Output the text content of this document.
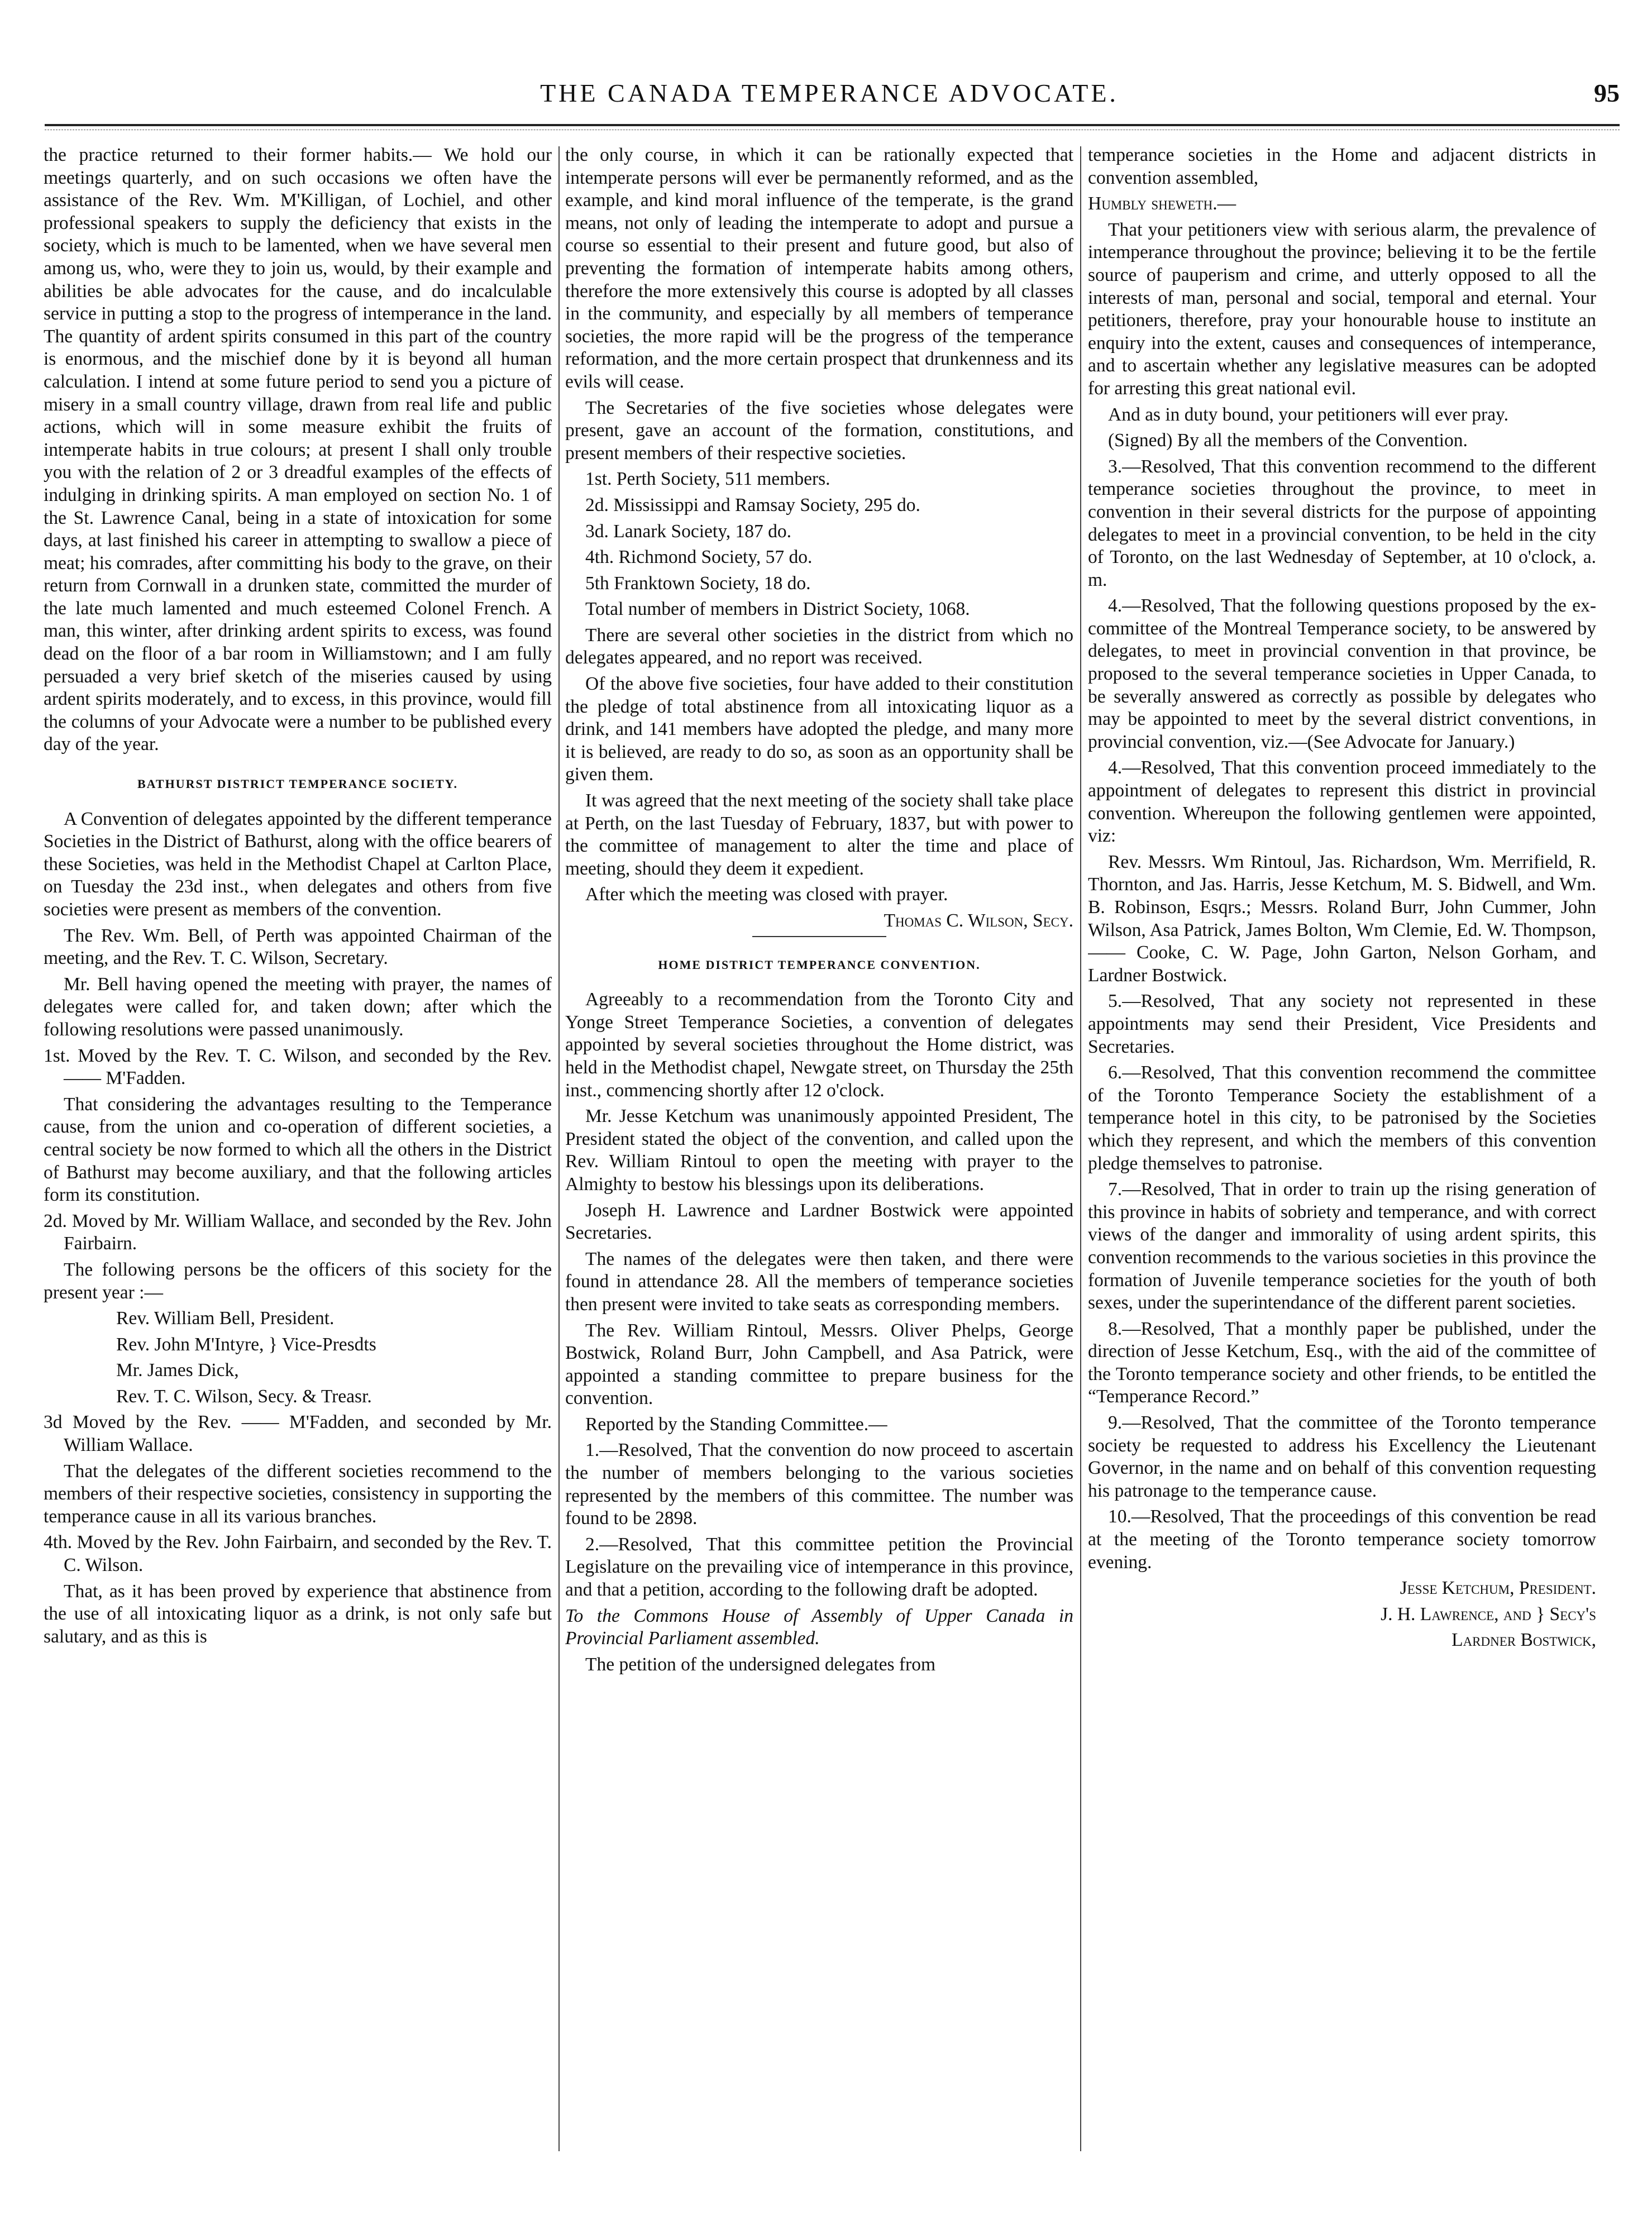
THE CANADA TEMPERANCE ADVOCATE.	95

the practice returned to their former habits.— We hold our meetings quarterly, and on such occasions we often have the assistance of the Rev. Wm. M'Killigan, of Lochiel, and other professional speakers to supply the deficiency that exists in the society, which is much to be lamented, when we have several men among us, who, were they to join us, would, by their example and abilities be able advocates for the cause, and do incalculable service in putting a stop to the progress of intemperance in the land. The quantity of ardent spirits consumed in this part of the country is enormous, and the mischief done by it is beyond all human calculation. I intend at some future period to send you a picture of misery in a small country village, drawn from real life and public actions, which will in some measure exhibit the fruits of intemperate habits in true colours; at present I shall only trouble you with the relation of 2 or 3 dreadful examples of the effects of indulging in drinking spirits. A man employed on section No. 1 of the St. Lawrence Canal, being in a state of intoxication for some days, at last finished his career in attempting to swallow a piece of meat; his comrades, after committing his body to the grave, on their return from Cornwall in a drunken state, committed the murder of the late much lamented and much esteemed Colonel French. A man, this winter, after drinking ardent spirits to excess, was found dead on the floor of a bar room in Williamstown; and I am fully persuaded a very brief sketch of the miseries caused by using ardent spirits moderately, and to excess, in this province, would fill the columns of your Advocate were a number to be published every day of the year.

BATHURST DISTRICT TEMPERANCE SOCIETY.

A Convention of delegates appointed by the different temperance Societies in the District of Bathurst, along with the office bearers of these Societies, was held in the Methodist Chapel at Carlton Place, on Tuesday the 23d inst., when delegates and others from five societies were present as members of the convention.

The Rev. Wm. Bell, of Perth was appointed Chairman of the meeting, and the Rev. T. C. Wilson, Secretary.

Mr. Bell having opened the meeting with prayer, the names of delegates were called for, and taken down; after which the following resolutions were passed unanimously.

1st. Moved by the Rev. T. C. Wilson, and seconded by the Rev. —— M'Fadden.

That considering the advantages resulting to the Temperance cause, from the union and co-operation of different societies, a central society be now formed to which all the others in the District of Bathurst may become auxiliary, and that the following articles form its constitution.

2d. Moved by Mr. William Wallace, and seconded by the Rev. John Fairbairn.

The following persons be the officers of this society for the present year :—

Rev. William Bell, President.

Rev. John M'Intyre, } Vice-Presdts

Mr. James Dick,

Rev. T. C. Wilson, Secy. & Treasr.

3d Moved by the Rev. —— M'Fadden, and seconded by Mr. William Wallace.

That the delegates of the different societies recommend to the members of their respective societies, consistency in supporting the temperance cause in all its various branches.

4th. Moved by the Rev. John Fairbairn, and seconded by the Rev. T. C. Wilson.

That, as it has been proved by experience that abstinence from the use of all intoxicating liquor as a drink, is not only safe but salutary, and as this is

the only course, in which it can be rationally expected that intemperate persons will ever be permanently reformed, and as the example, and kind moral influence of the temperate, is the grand means, not only of leading the intemperate to adopt and pursue a course so essential to their present and future good, but also of preventing the formation of intemperate habits among others, therefore the more extensively this course is adopted by all classes in the community, and especially by all members of temperance societies, the more rapid will be the progress of the temperance reformation, and the more certain prospect that drunkenness and its evils will cease.

The Secretaries of the five societies whose delegates were present, gave an account of the formation, constitutions, and present members of their respective societies.

1st. Perth Society, 511 members.

2d. Mississippi and Ramsay Society, 295 do.

3d. Lanark Society, 187 do.

4th. Richmond Society, 57 do.

5th Franktown Society, 18 do.

Total number of members in District Society, 1068.

There are several other societies in the district from which no delegates appeared, and no report was received.

Of the above five societies, four have added to their constitution the pledge of total abstinence from all intoxicating liquor as a drink, and 141 members have adopted the pledge, and many more it is believed, are ready to do so, as soon as an opportunity shall be given them.

It was agreed that the next meeting of the society shall take place at Perth, on the last Tuesday of February, 1837, but with power to the committee of management to alter the time and place of meeting, should they deem it expedient.

After which the meeting was closed with prayer.

Thomas C. Wilson, Secy.

HOME DISTRICT TEMPERANCE CONVENTION.

Agreeably to a recommendation from the Toronto City and Yonge Street Temperance Societies, a convention of delegates appointed by several societies throughout the Home district, was held in the Methodist chapel, Newgate street, on Thursday the 25th inst., commencing shortly after 12 o'clock.

Mr. Jesse Ketchum was unanimously appointed President, The President stated the object of the convention, and called upon the Rev. William Rintoul to open the meeting with prayer to the Almighty to bestow his blessings upon its deliberations.

Joseph H. Lawrence and Lardner Bostwick were appointed Secretaries.

The names of the delegates were then taken, and there were found in attendance 28. All the members of temperance societies then present were invited to take seats as corresponding members.

The Rev. William Rintoul, Messrs. Oliver Phelps, George Bostwick, Roland Burr, John Campbell, and Asa Patrick, were appointed a standing committee to prepare business for the convention.

Reported by the Standing Committee.—

1.—Resolved, That the convention do now proceed to ascertain the number of members belonging to the various societies represented by the members of this committee. The number was found to be 2898.

2.—Resolved, That this committee petition the Provincial Legislature on the prevailing vice of intemperance in this province, and that a petition, according to the following draft be adopted.

To the Commons House of Assembly of Upper Canada in Provincial Parliament assembled.

The petition of the undersigned delegates from

temperance societies in the Home and adjacent districts in convention assembled,

Humbly sheweth.—

That your petitioners view with serious alarm, the prevalence of intemperance throughout the province; believing it to be the fertile source of pauperism and crime, and utterly opposed to all the interests of man, personal and social, temporal and eternal. Your petitioners, therefore, pray your honourable house to institute an enquiry into the extent, causes and consequences of intemperance, and to ascertain whether any legislative measures can be adopted for arresting this great national evil.

And as in duty bound, your petitioners will ever pray.

(Signed) By all the members of the Convention.

3.—Resolved, That this convention recommend to the different temperance societies throughout the province, to meet in convention in their several districts for the purpose of appointing delegates to meet in a provincial convention, to be held in the city of Toronto, on the last Wednesday of September, at 10 o'clock, a. m.

4.—Resolved, That the following questions proposed by the ex-committee of the Montreal Temperance society, to be answered by delegates, to meet in provincial convention in that province, be proposed to the several temperance societies in Upper Canada, to be severally answered as correctly as possible by delegates who may be appointed to meet by the several district conventions, in provincial convention, viz.—(See Advocate for January.)

4.—Resolved, That this convention proceed immediately to the appointment of delegates to represent this district in provincial convention. Whereupon the following gentlemen were appointed, viz:

Rev. Messrs. Wm Rintoul, Jas. Richardson, Wm. Merrifield, R. Thornton, and Jas. Harris, Jesse Ketchum, M. S. Bidwell, and Wm. B. Robinson, Esqrs.; Messrs. Roland Burr, John Cummer, John Wilson, Asa Patrick, James Bolton, Wm Clemie, Ed. W. Thompson, —— Cooke, C. W. Page, John Garton, Nelson Gorham, and Lardner Bostwick.

5.—Resolved, That any society not represented in these appointments may send their President, Vice Presidents and Secretaries.

6.—Resolved, That this convention recommend the committee of the Toronto Temperance Society the establishment of a temperance hotel in this city, to be patronised by the Societies which they represent, and which the members of this convention pledge themselves to patronise.

7.—Resolved, That in order to train up the rising generation of this province in habits of sobriety and temperance, and with correct views of the danger and immorality of using ardent spirits, this convention recommends to the various societies in this province the formation of Juvenile temperance societies for the youth of both sexes, under the superintendance of the different parent societies.

8.—Resolved, That a monthly paper be published, under the direction of Jesse Ketchum, Esq., with the aid of the committee of the Toronto temperance society and other friends, to be entitled the “Temperance Record.”

9.—Resolved, That the committee of the Toronto temperance society be requested to address his Excellency the Lieutenant Governor, in the name and on behalf of this convention requesting his patronage to the temperance cause.

10.—Resolved, That the proceedings of this convention be read at the meeting of the Toronto temperance society tomorrow evening.

Jesse Ketchum, President.

J. H. Lawrence, and } Secy's

Lardner Bostwick,
